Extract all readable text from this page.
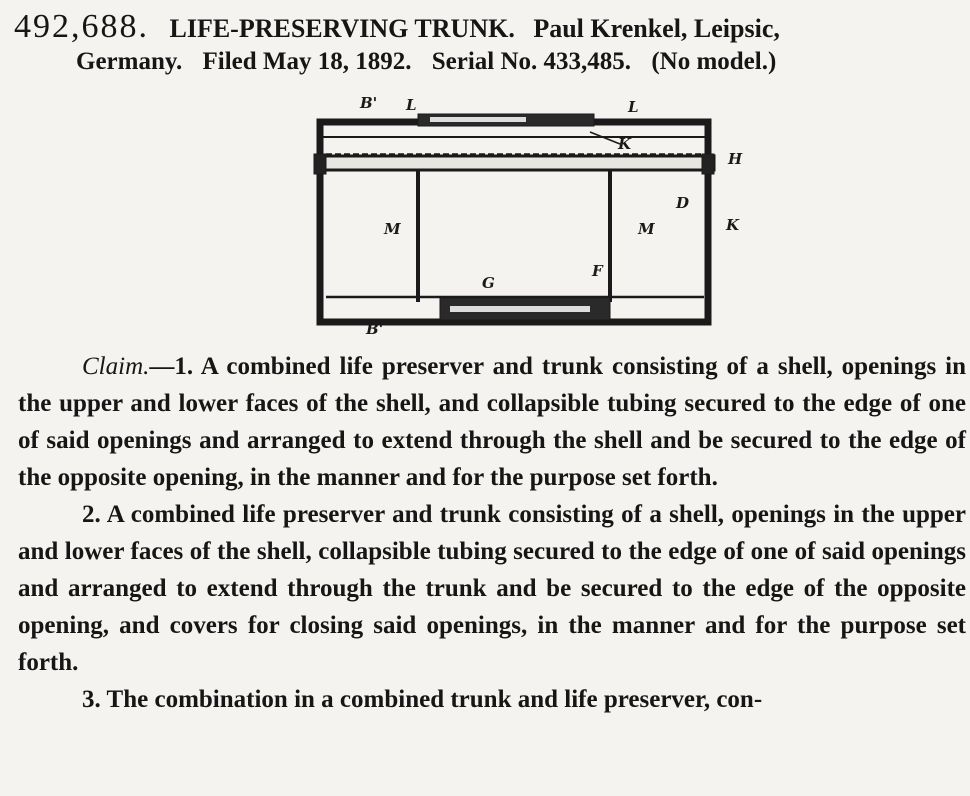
492,688. LIFE-PRESERVING TRUNK. Paul Krenkel, Leipsic,
Germany. Filed May 18, 1892. Serial No. 433,485. (No model.)
B' L	L
K
H
D
M	M	K
G
F
B'

Claim.—1. A combined life preserver and trunk consisting of a shell, openings in the upper and lower faces of the shell, and collapsible tubing secured to the edge of one of said openings and arranged to extend through the shell and be secured to the edge of the opposite opening, in the manner and for the purpose set forth.

2. A combined life preserver and trunk consisting of a shell, openings in the upper and lower faces of the shell, collapsible tubing secured to the edge of one of said openings and arranged to extend through the trunk and be secured to the edge of the opposite opening, and covers for closing said openings, in the manner and for the purpose set forth.

3. The combination in a combined trunk and life preserver, con-
